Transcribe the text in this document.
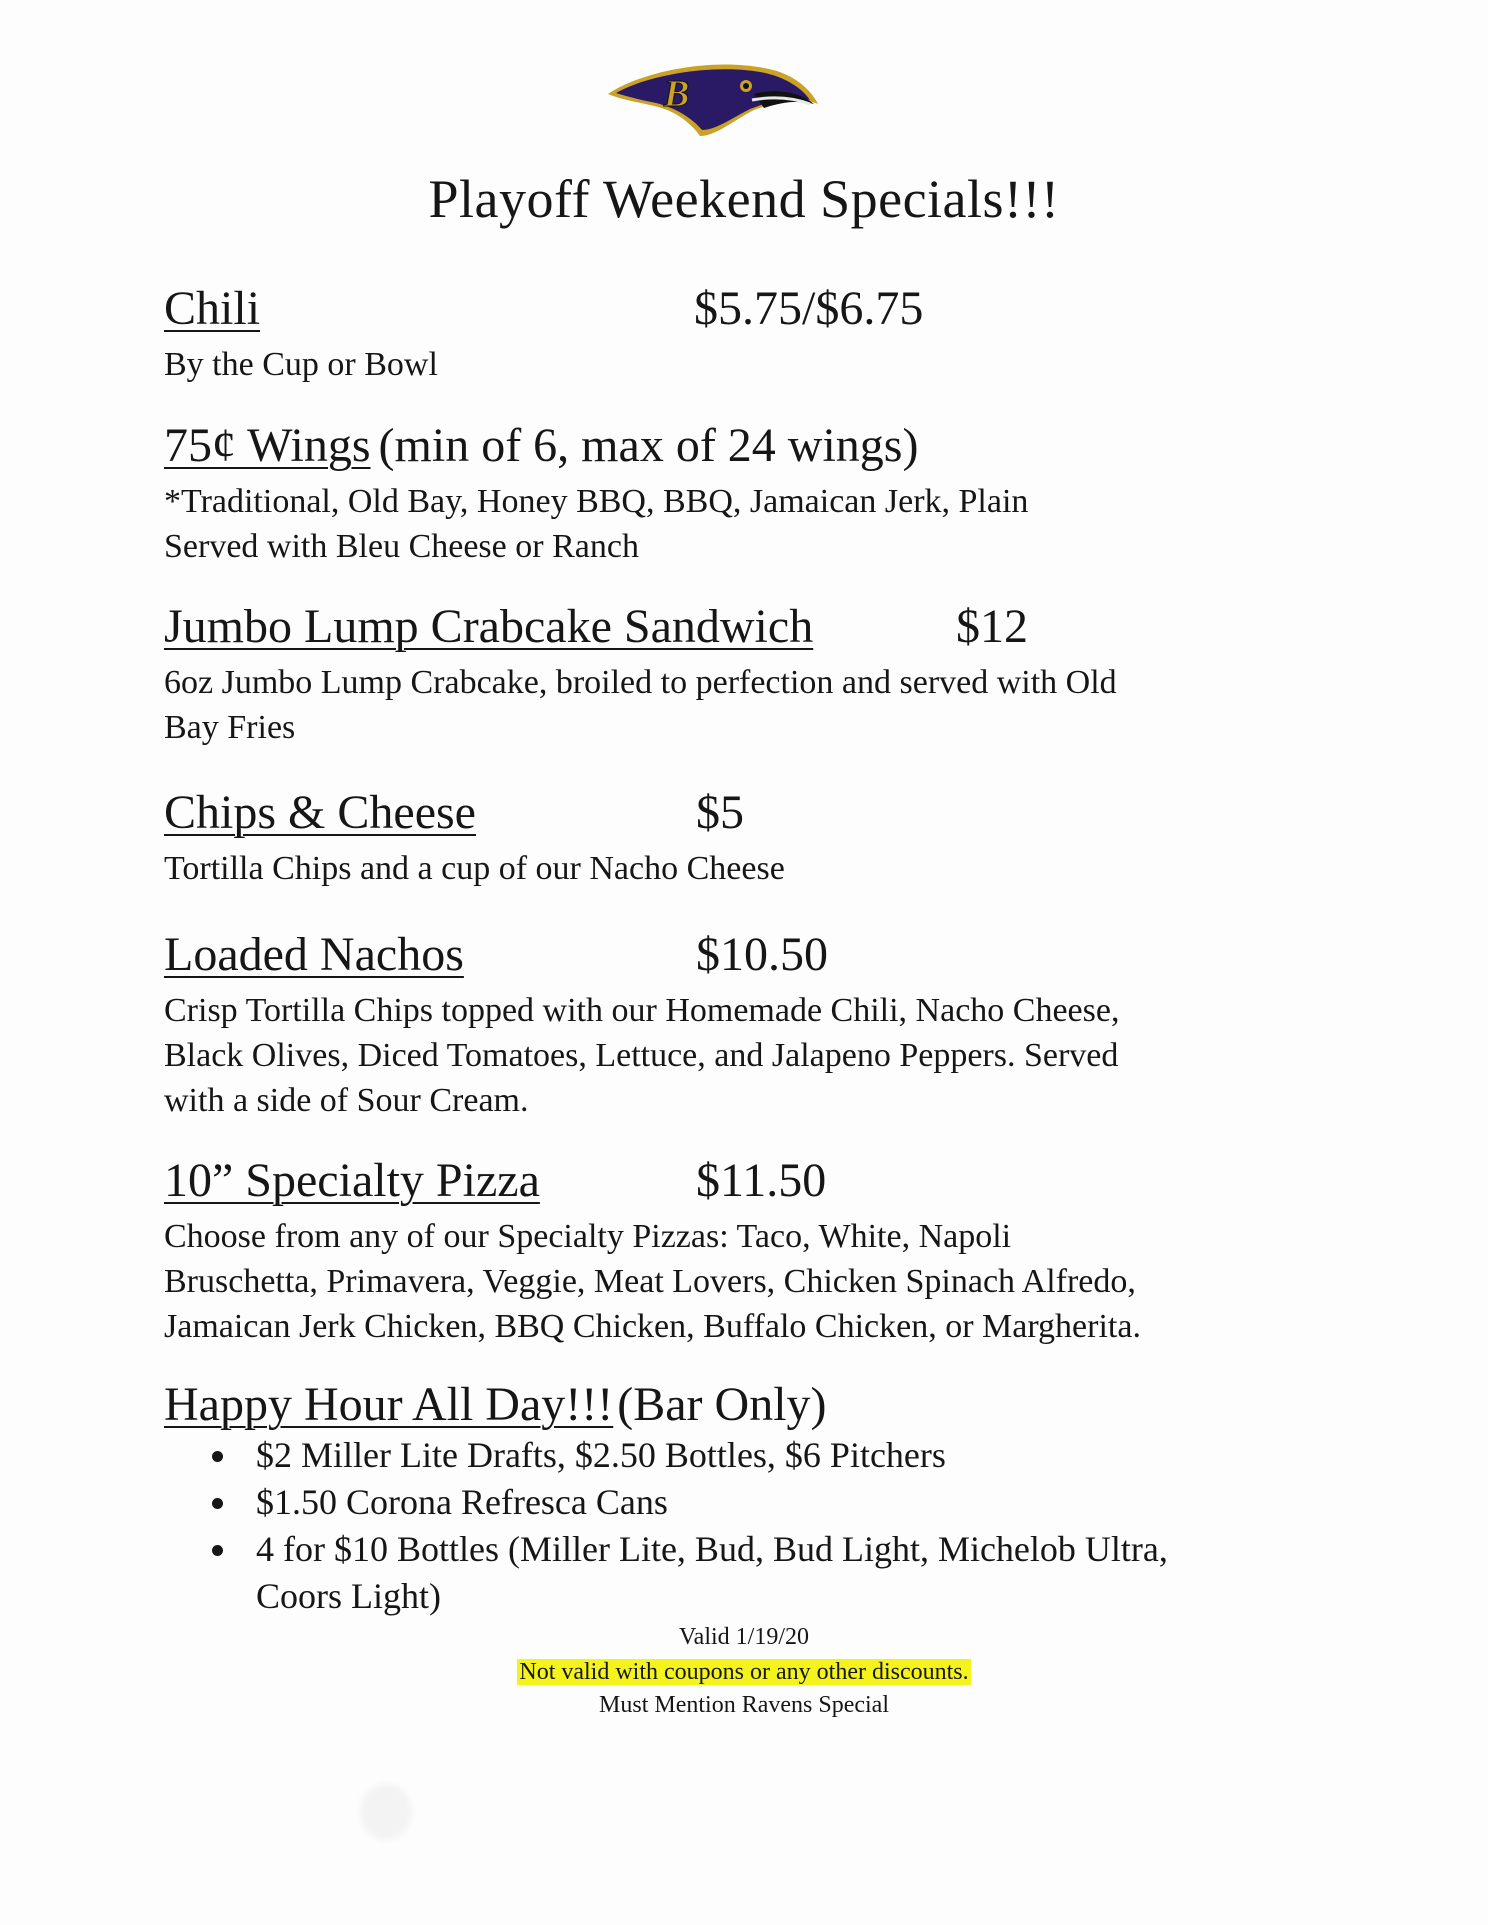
B
Playoff Weekend Specials!!!
Chili	$5.75/$6.75
By the Cup or Bowl
75¢ Wings (min of 6, max of 24 wings)
*Traditional, Old Bay, Honey BBQ, BBQ, Jamaican Jerk, Plain
Served with Bleu Cheese or Ranch
Jumbo Lump Crabcake Sandwich	$12
6oz Jumbo Lump Crabcake, broiled to perfection and served with Old
Bay Fries
Chips & Cheese	$5
Tortilla Chips and a cup of our Nacho Cheese
Loaded Nachos	$10.50
Crisp Tortilla Chips topped with our Homemade Chili, Nacho Cheese,
Black Olives, Diced Tomatoes, Lettuce, and Jalapeno Peppers. Served
with a side of Sour Cream.
10” Specialty Pizza	$11.50
Choose from any of our Specialty Pizzas: Taco, White, Napoli
Bruschetta, Primavera, Veggie, Meat Lovers, Chicken Spinach Alfredo,
Jamaican Jerk Chicken, BBQ Chicken, Buffalo Chicken, or Margherita.
Happy Hour All Day!!!(Bar Only)
$2 Miller Lite Drafts, $2.50 Bottles, $6 Pitchers
$1.50 Corona Refresca Cans
4 for $10 Bottles (Miller Lite, Bud, Bud Light, Michelob Ultra,
Coors Light)
Valid 1/19/20
Not valid with coupons or any other discounts.
Must Mention Ravens Special
